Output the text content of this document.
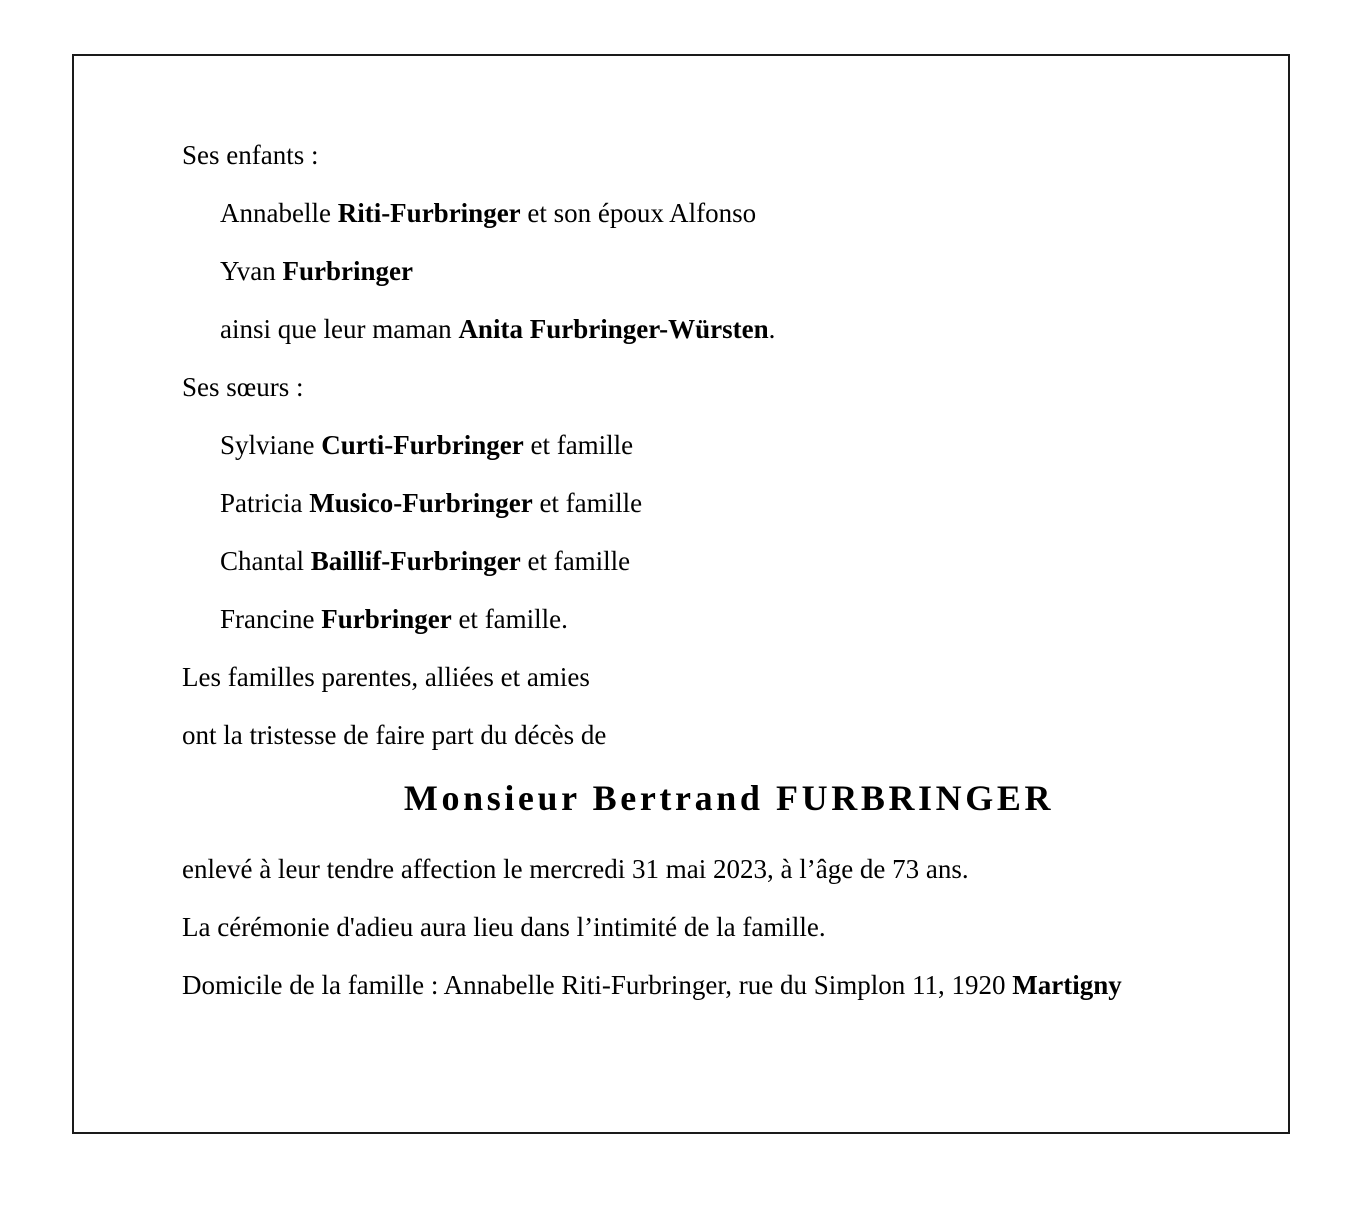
Ses enfants :
Annabelle Riti-Furbringer et son époux Alfonso
Yvan Furbringer
ainsi que leur maman Anita Furbringer-Würsten.
Ses sœurs :
Sylviane Curti-Furbringer et famille
Patricia Musico-Furbringer et famille
Chantal Baillif-Furbringer et famille
Francine Furbringer et famille.
Les familles parentes, alliées et amies
ont la tristesse de faire part du décès de
Monsieur Bertrand FURBRINGER
enlevé à leur tendre affection le mercredi 31 mai 2023, à l’âge de 73 ans.
La cérémonie d'adieu aura lieu dans l’intimité de la famille.
Domicile de la famille : Annabelle Riti-Furbringer, rue du Simplon 11, 1920 Martigny
